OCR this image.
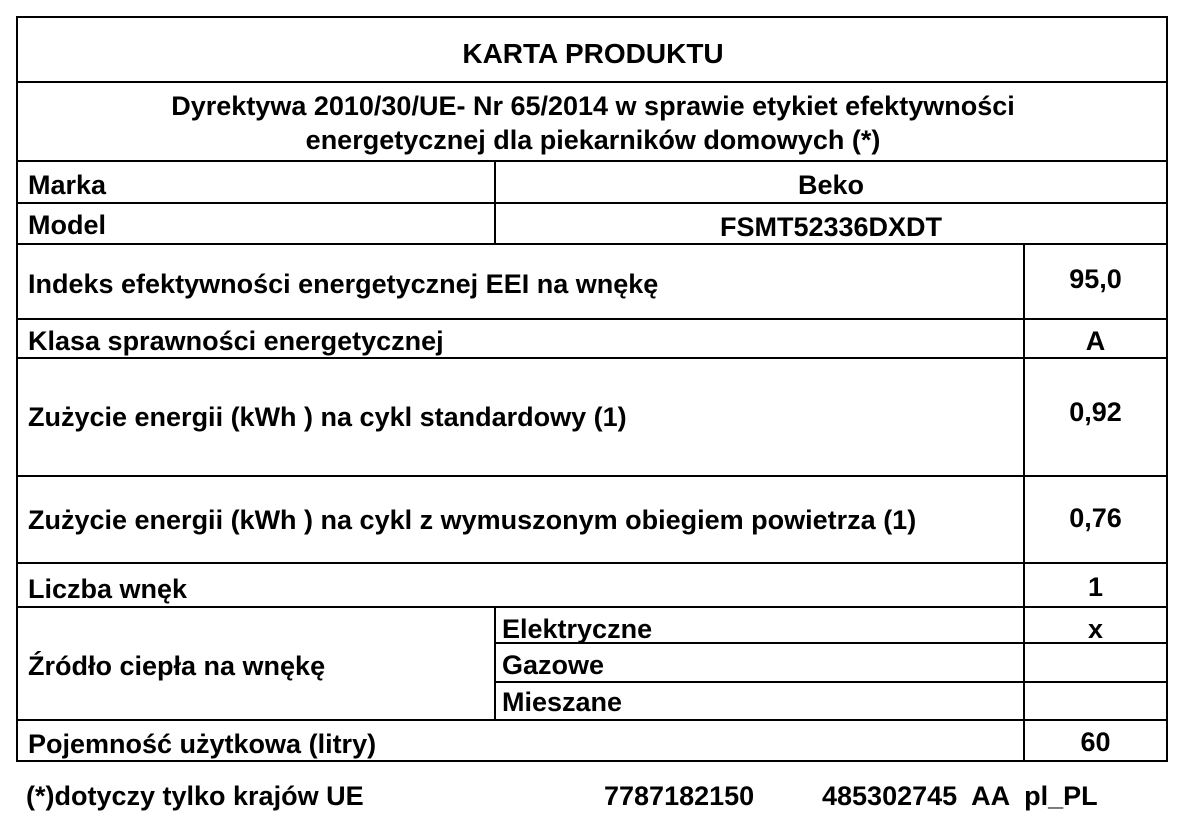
KARTA PRODUKTU
Dyrektywa 2010/30/UE- Nr 65/2014 w sprawie etykiet efektywności
energetycznej dla piekarników domowych (*)
Marka	Beko
Model	FSMT52336DXDT
Indeks efektywności energetycznej EEI na wnękę	95,0
Klasa sprawności energetycznej	A
Zużycie energii (kWh ) na cykl standardowy (1)	0,92
Zużycie energii (kWh ) na cykl z wymuszonym obiegiem powietrza (1)	0,76
Liczba wnęk	1
Źródło ciepła na wnękę
Elektryczne	x
Gazowe
Mieszane
Pojemność użytkowa (litry)	60
(*)dotyczy tylko krajów UE	7787182150	485302745  AA  pl_PL
